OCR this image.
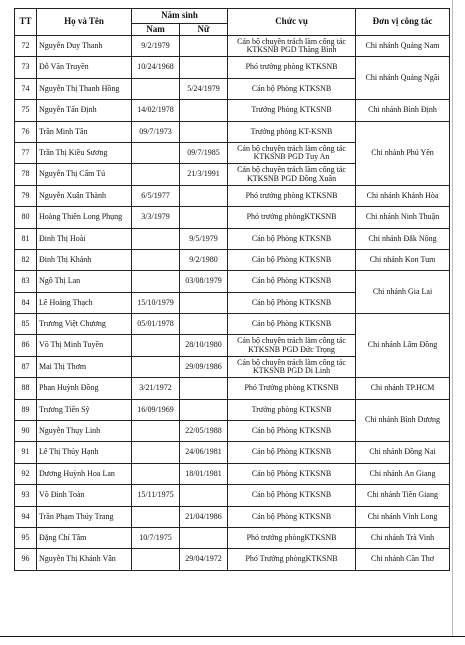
TT	Họ và Tên	Năm sinh		Chức vụ	Đơn vị công tác
		Nam	Nữ		
72	Nguyễn Duy Thanh	9/2/1979		Cán bộ chuyên trách làm công tác KTKSNB PGD Thăng Bình	Chi nhánh Quảng Nam
73	Đỗ Văn Truyền	10/24/1968		Phó trưởng phòng KTKSNB	Chi nhánh Quảng Ngãi
74	Nguyễn Thị Thanh Hồng		5/24/1979	Cán bộ Phòng KTKSNB	
75	Nguyễn Tấn Định	14/02/1978		Trưởng Phòng KTKSNB	Chi nhánh Bình Định
76	Trần Minh Tân	09/7/1973		Trưởng phòng KT-KSNB	Chi nhánh Phú Yên
77	Trần Thị Kiều Sương		09/7/1985	Cán bộ chuyên trách làm công tác KTKSNB PGD Tuy An	
78	Nguyễn Thị Cẩm Tú		21/3/1991	Cán bộ chuyên trách làm công tác KTKSNB PGD Đồng Xuân	
79	Nguyễn Xuân Thành	6/5/1977		Phó trưởng phòng KTKSNB	Chi nhánh Khánh Hòa
80	Hoàng Thiên Long Phụng	3/3/1979		Phó trưởng phòngKTKSNB	Chi nhánh Ninh Thuận
81	Đinh Thị Hoài		9/5/1979	Cán bộ Phòng KTKSNB	Chi nhánh Đắk Nông
82	Đinh Thị Khánh		9/2/1980	Cán bộ Phòng KTKSNB	Chi nhánh Kon Tum
83	Ngô Thị Lan		03/08/1979	Cán bộ Phòng KTKSNB	Chi nhánh Gia Lai
84	Lê Hoàng Thạch	15/10/1979		Cán bộ Phòng KTKSNB	
85	Trương Việt Chương	05/01/1978		Cán bộ Phòng KTKSNB	Chi nhánh Lâm Đồng
86	Võ Thị Minh Tuyền		28/10/1980	Cán bộ chuyên trách làm công tác KTKSNB PGD Đức Trọng	
87	Mai Thị Thơm		29/09/1986	Cán bộ chuyên trách làm công tác KTKSNB PGD Di Linh	
88	Phan Huỳnh Đồng	3/21/1972		Phó Trưởng phòng KTKSNB	Chi nhánh TP.HCM
89	Trương Tiến Sỹ	16/09/1969		Trưởng phòng KTKSNB	Chi nhánh Bình Dương
90	Nguyễn Thụy Linh		22/05/1988	Cán bộ Phòng KTKSNB	
91	Lê Thị Thủy Hạnh		24/06/1981	Cán bộ Phòng KTKSNB	Chi nhánh Đồng Nai
92	Dương Huỳnh Hoa Lan		18/01/1981	Cán bộ Phòng KTKSNB	Chi nhánh An Giang
93	Võ Đình Toàn	15/11/1975		Cán bộ Phòng KTKSNB	Chi nhánh Tiền Giang
94	Trần Phạm Thúy Trang		21/04/1986	Cán bộ Phòng KTKSNB	Chi nhánh Vĩnh Long
95	Đặng Chí Tâm	10/7/1975		Phó trưởng phòngKTKSNB	Chi nhánh Trà Vinh
96	Nguyễn Thị Khánh Vân		29/04/1972	Phó Trưởng phòngKTKSNB	Chi nhánh Cần Thơ
